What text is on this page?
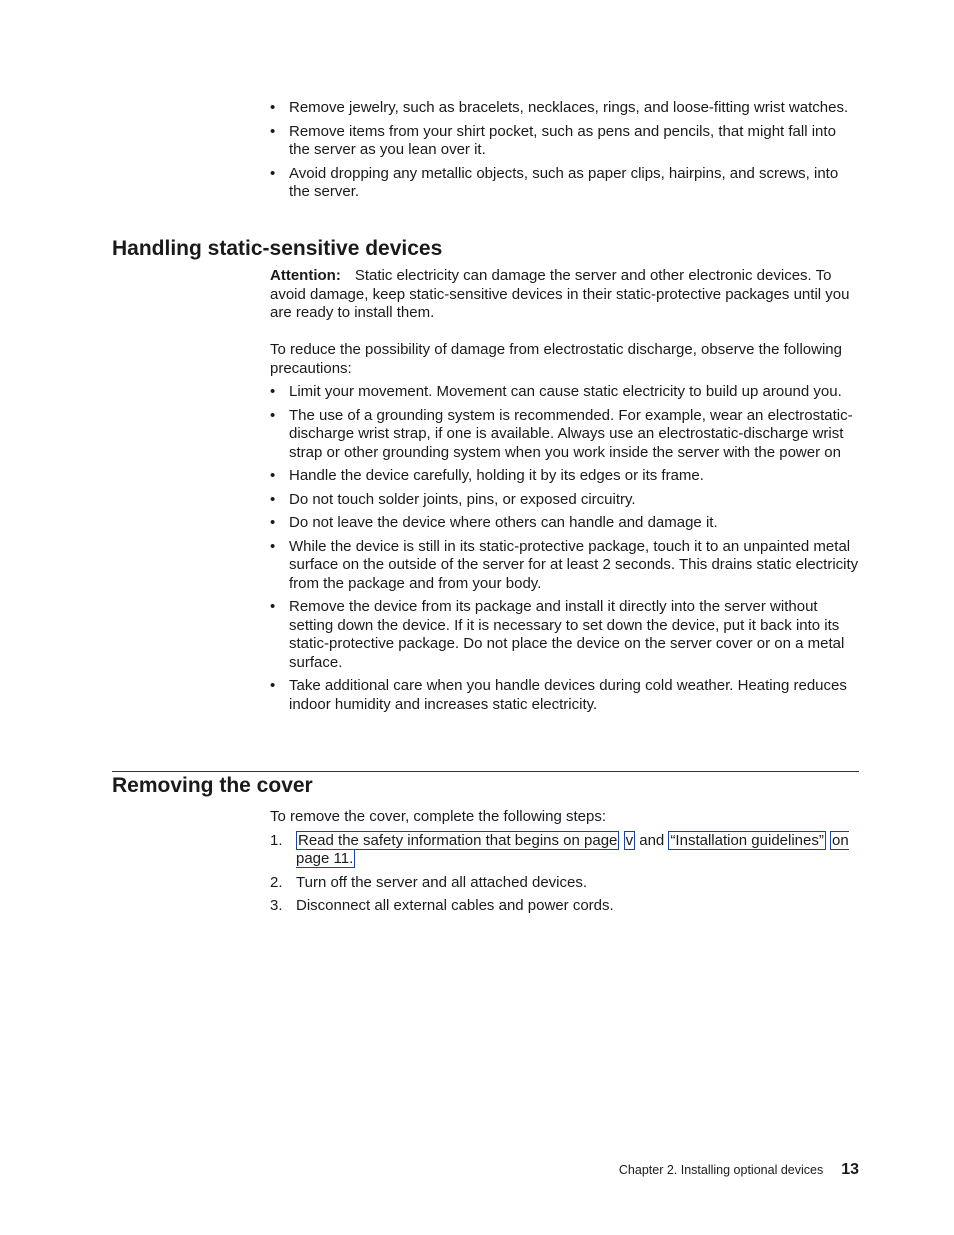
• Remove jewelry, such as bracelets, necklaces, rings, and loose-fitting wrist watches.
• Remove items from your shirt pocket, such as pens and pencils, that might fall into the server as you lean over it.
• Avoid dropping any metallic objects, such as paper clips, hairpins, and screws, into the server.
Handling static-sensitive devices

Attention: Static electricity can damage the server and other electronic devices. To avoid damage, keep static-sensitive devices in their static-protective packages until you are ready to install them.

To reduce the possibility of damage from electrostatic discharge, observe the following precautions:

• Limit your movement. Movement can cause static electricity to build up around you.
• The use of a grounding system is recommended. For example, wear an electrostatic-discharge wrist strap, if one is available. Always use an electrostatic-discharge wrist strap or other grounding system when you work inside the server with the power on
• Handle the device carefully, holding it by its edges or its frame.
• Do not touch solder joints, pins, or exposed circuitry.
• Do not leave the device where others can handle and damage it.
• While the device is still in its static-protective package, touch it to an unpainted metal surface on the outside of the server for at least 2 seconds. This drains static electricity from the package and from your body.
• Remove the device from its package and install it directly into the server without setting down the device. If it is necessary to set down the device, put it back into its static-protective package. Do not place the device on the server cover or on a metal surface.
• Take additional care when you handle devices during cold weather. Heating reduces indoor humidity and increases static electricity.
Removing the cover

To remove the cover, complete the following steps:

1. Read the safety information that begins on page v and “Installation guidelines” on page 11.
2. Turn off the server and all attached devices.
3. Disconnect all external cables and power cords.
Chapter 2. Installing optional devices 13
